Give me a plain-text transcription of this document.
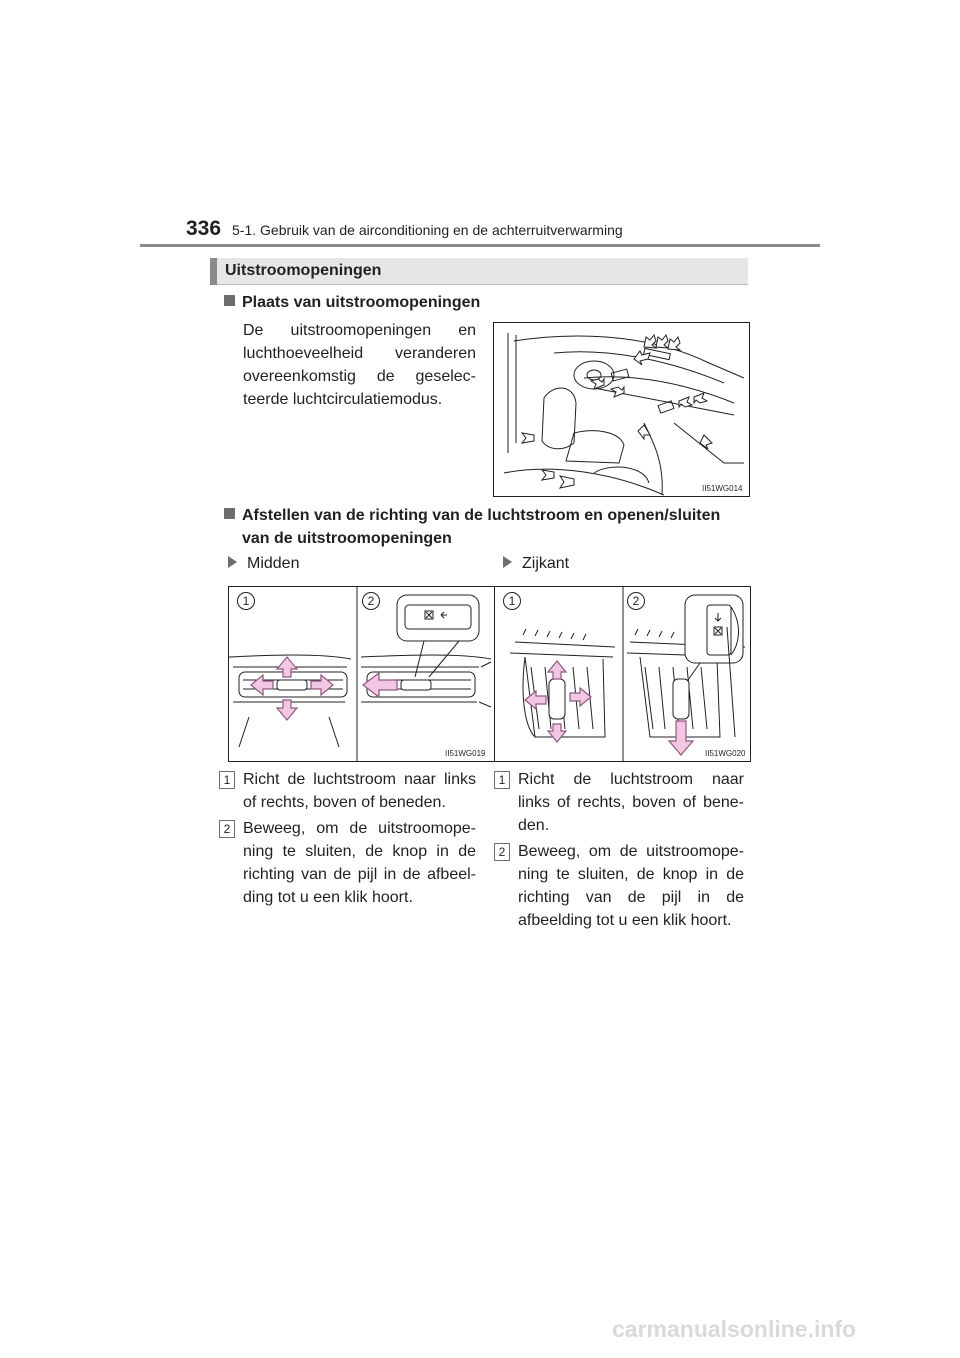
336 5-1. Gebruik van de airconditioning en de achterruitverwarming
Uitstroomopeningen
Plaats van uitstroomopeningen
De uitstroomopeningen en
luchthoeveelheid veranderen
overeenkomstig de geselec-
teerde luchtcirculatiemodus.
II51WG014
Afstellen van de richting van de luchtstroom en openen/sluiten
van de uitstroomopeningen
Midden	Zijkant
1	2
II51WG019
1	2
II51WG020
1 Richt de luchtstroom naar links
of rechts, boven of beneden.
2 Beweeg, om de uitstroomope-
ning te sluiten, de knop in de
richting van de pijl in de afbeel-
ding tot u een klik hoort.
1 Richt de luchtstroom naar
links of rechts, boven of bene-
den.
2 Beweeg, om de uitstroomope-
ning te sluiten, de knop in de
richting van de pijl in de
afbeelding tot u een klik hoort.
carmanualsonline.info
